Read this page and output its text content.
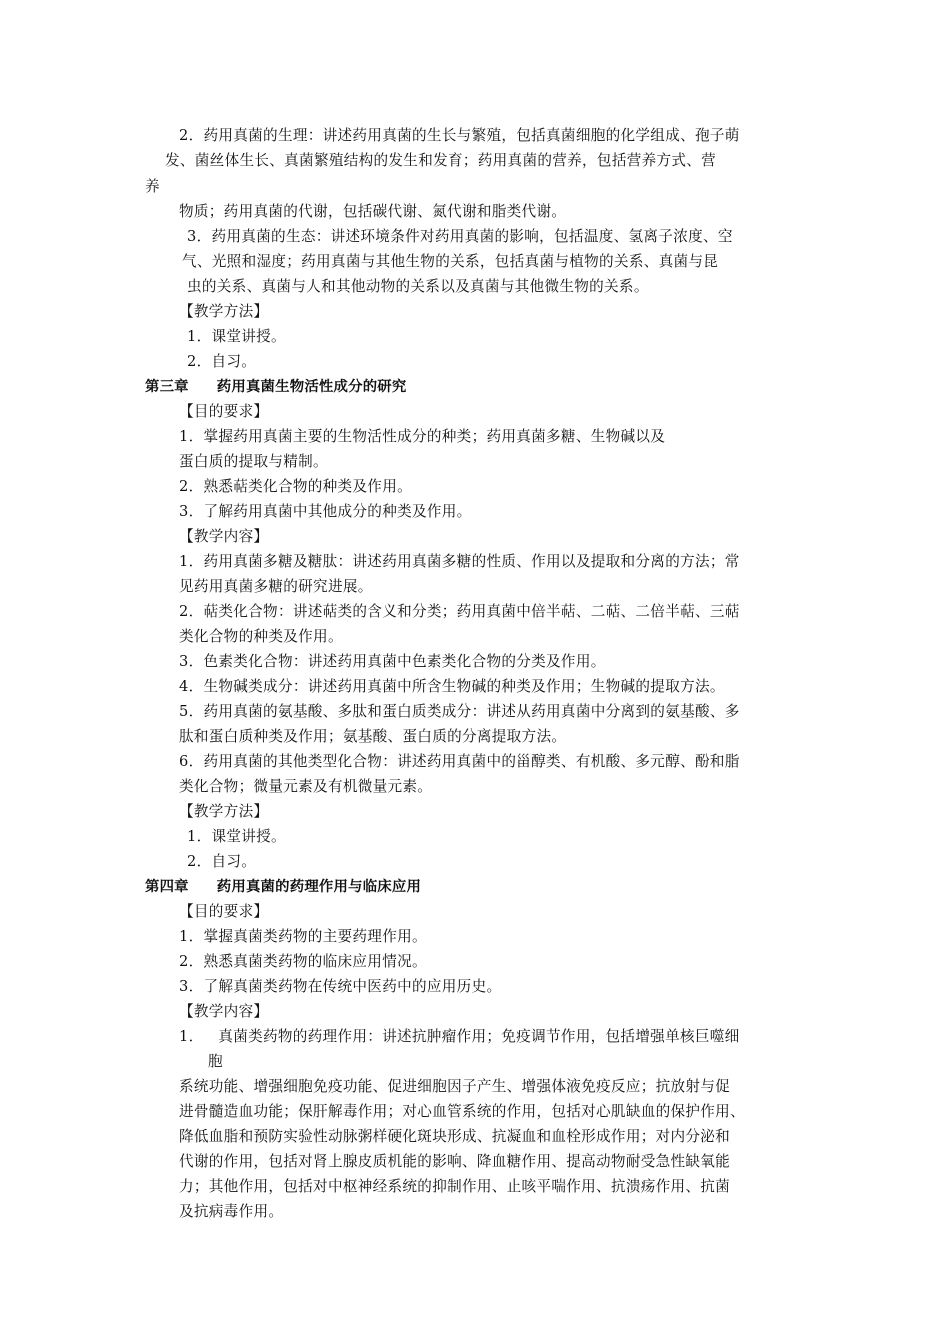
2．药用真菌的生理：讲述药用真菌的生长与繁殖，包括真菌细胞的化学组成、孢子萌
发、菌丝体生长、真菌繁殖结构的发生和发育；药用真菌的营养，包括营养方式、营
养
物质；药用真菌的代谢，包括碳代谢、氮代谢和脂类代谢。
3．药用真菌的生态：讲述环境条件对药用真菌的影响，包括温度、氢离子浓度、空
气、光照和湿度；药用真菌与其他生物的关系，包括真菌与植物的关系、真菌与昆
虫的关系、真菌与人和其他动物的关系以及真菌与其他微生物的关系。
【教学方法】
1．课堂讲授。
2．自习。
第三章 药用真菌生物活性成分的研究
【目的要求】
1．掌握药用真菌主要的生物活性成分的种类；药用真菌多糖、生物碱以及
蛋白质的提取与精制。
2．熟悉萜类化合物的种类及作用。
3．了解药用真菌中其他成分的种类及作用。
【教学内容】
1．药用真菌多糖及糖肽：讲述药用真菌多糖的性质、作用以及提取和分离的方法；常
见药用真菌多糖的研究进展。
2．萜类化合物：讲述萜类的含义和分类；药用真菌中倍半萜、二萜、二倍半萜、三萜
类化合物的种类及作用。
3．色素类化合物：讲述药用真菌中色素类化合物的分类及作用。
4．生物碱类成分：讲述药用真菌中所含生物碱的种类及作用；生物碱的提取方法。
5．药用真菌的氨基酸、多肽和蛋白质类成分：讲述从药用真菌中分离到的氨基酸、多
肽和蛋白质种类及作用；氨基酸、蛋白质的分离提取方法。
6．药用真菌的其他类型化合物：讲述药用真菌中的甾醇类、有机酸、多元醇、酚和脂
类化合物；微量元素及有机微量元素。
【教学方法】
1．课堂讲授。
2．自习。
第四章 药用真菌的药理作用与临床应用
【目的要求】
1．掌握真菌类药物的主要药理作用。
2．熟悉真菌类药物的临床应用情况。
3．了解真菌类药物在传统中医药中的应用历史。
【教学内容】
1．   真菌类药物的药理作用：讲述抗肿瘤作用；免疫调节作用，包括增强单核巨噬细
胞
系统功能、增强细胞免疫功能、促进细胞因子产生、增强体液免疫反应；抗放射与促
进骨髓造血功能；保肝解毒作用；对心血管系统的作用，包括对心肌缺血的保护作用、
降低血脂和预防实验性动脉粥样硬化斑块形成、抗凝血和血栓形成作用；对内分泌和
代谢的作用，包括对肾上腺皮质机能的影响、降血糖作用、提高动物耐受急性缺氧能
力；其他作用，包括对中枢神经系统的抑制作用、止咳平喘作用、抗溃疡作用、抗菌
及抗病毒作用。
